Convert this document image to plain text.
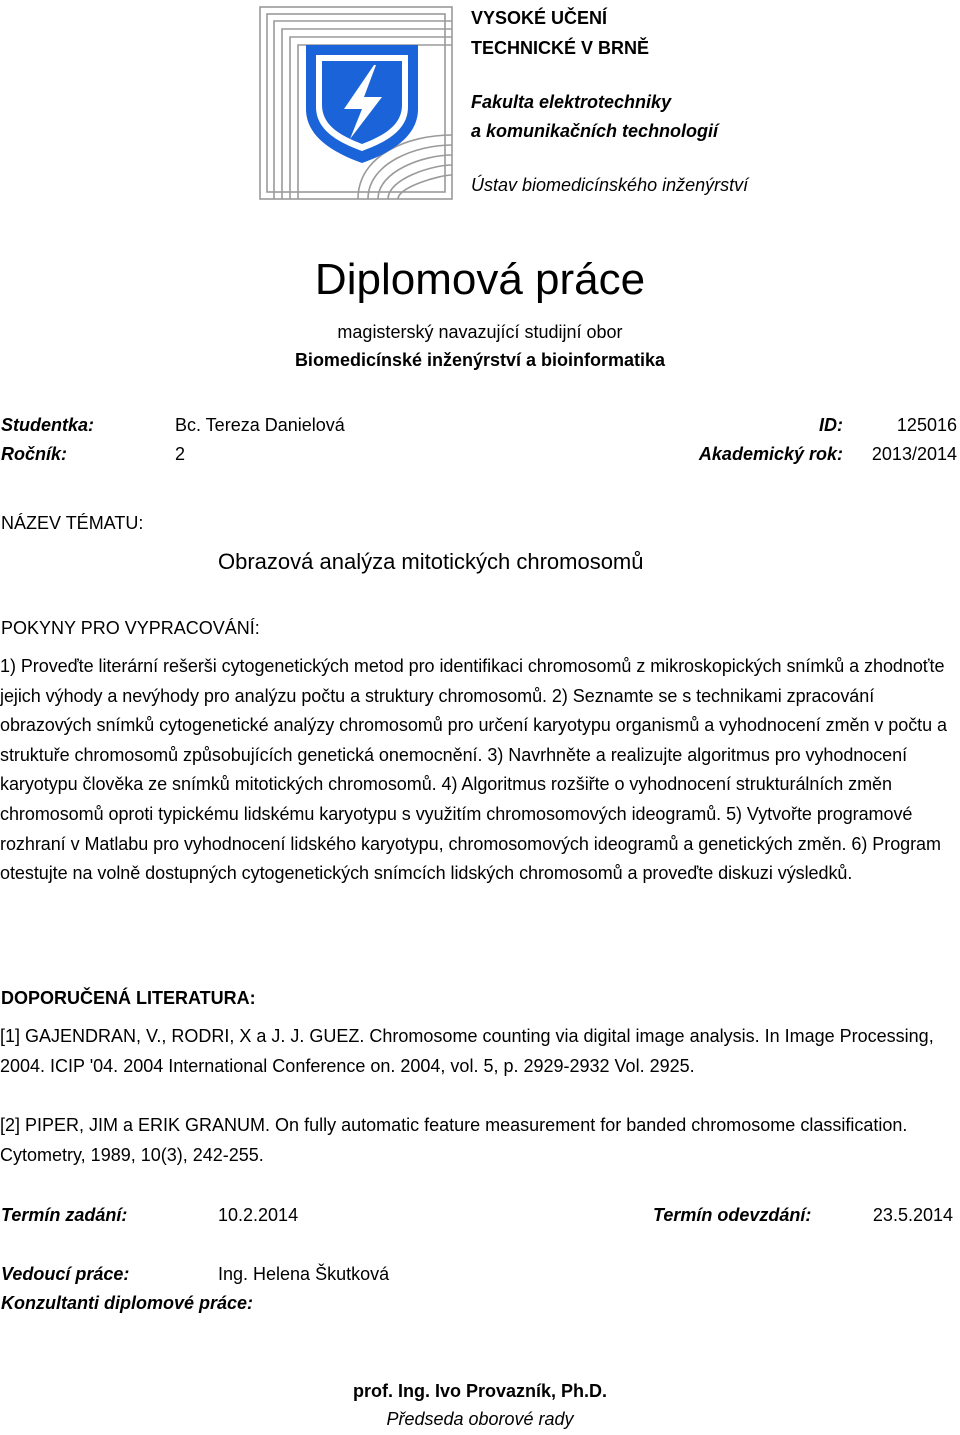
VYSOKÉ UČENÍ
TECHNICKÉ V BRNĚ
Fakulta elektrotechniky
a komunikačních technologií
Ústav biomedicínského inženýrství
Diplomová práce
magisterský navazující studijní obor
Biomedicínské inženýrství a bioinformatika
Studentka:	Bc. Tereza Danielová	ID:	125016
Ročník:	2	Akademický rok:	2013/2014
NÁZEV TÉMATU:
Obrazová analýza mitotických chromosomů
POKYNY PRO VYPRACOVÁNÍ:
1) Proveďte literární rešerši cytogenetických metod pro identifikaci chromosomů z mikroskopických snímků a zhodnoťte jejich výhody a nevýhody pro analýzu počtu a struktury chromosomů. 2) Seznamte se s technikami zpracování obrazových snímků cytogenetické analýzy chromosomů pro určení karyotypu organismů a vyhodnocení změn v počtu a struktuře chromosomů způsobujících genetická onemocnění. 3) Navrhněte a realizujte algoritmus pro vyhodnocení karyotypu člověka ze snímků mitotických chromosomů. 4) Algoritmus rozšiřte o vyhodnocení strukturálních změn chromosomů oproti typickému lidskému karyotypu s využitím chromosomových ideogramů. 5) Vytvořte programové rozhraní v Matlabu pro vyhodnocení lidského karyotypu, chromosomových ideogramů a genetických změn. 6) Program otestujte na volně dostupných cytogenetických snímcích lidských chromosomů a proveďte diskuzi výsledků.
DOPORUČENÁ LITERATURA:
[1] GAJENDRAN, V., RODRI, X a J. J. GUEZ. Chromosome counting via digital image analysis. In Image Processing, 2004. ICIP '04. 2004 International Conference on. 2004, vol. 5, p. 2929-2932 Vol. 2925.
[2] PIPER, JIM a ERIK GRANUM. On fully automatic feature measurement for banded chromosome classification. Cytometry, 1989, 10(3), 242-255.
Termín zadání:	10.2.2014	Termín odevzdání:	23.5.2014
Vedoucí práce:	Ing. Helena Škutková
Konzultanti diplomové práce:
prof. Ing. Ivo Provazník, Ph.D.
Předseda oborové rady
